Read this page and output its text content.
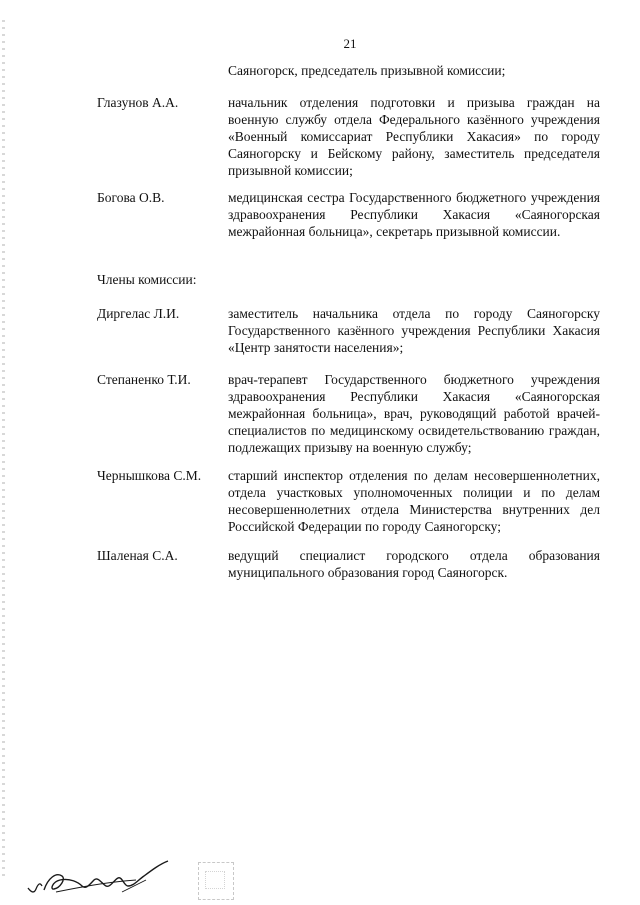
21
Саяногорск, председатель призывной комиссии;
Глазунов А.А.	начальник отделения подготовки и призыва граждан на военную службу отдела Федерального казённого учреждения «Военный комиссариат Республики Хакасия» по городу Саяногорску и Бейскому району, заместитель председателя призывной комиссии;
Богова О.В.	медицинская сестра Государственного бюджетного учреждения здравоохранения Республики Хакасия «Саяногорская межрайонная больница», секретарь призывной комиссии.
Члены комиссии:
Диргелас Л.И.	заместитель начальника отдела по городу Саяногорску Государственного казённого учреждения Республики Хакасия «Центр занятости населения»;
Степаненко Т.И.	врач-терапевт Государственного бюджетного учреждения здравоохранения Республики Хакасия «Саяногорская межрайонная больница», врач, руководящий работой врачей-специалистов по медицинскому освидетельствованию граждан, подлежащих призыву на военную службу;
Чернышкова С.М.	старший инспектор отделения по делам несовершеннолетних, отдела участковых уполномоченных полиции и по делам несовершеннолетних отдела Министерства внутренних дел Российской Федерации по городу Саяногорску;
Шаленая С.А.	ведущий специалист городского отдела образования муниципального образования город Саяногорск.
